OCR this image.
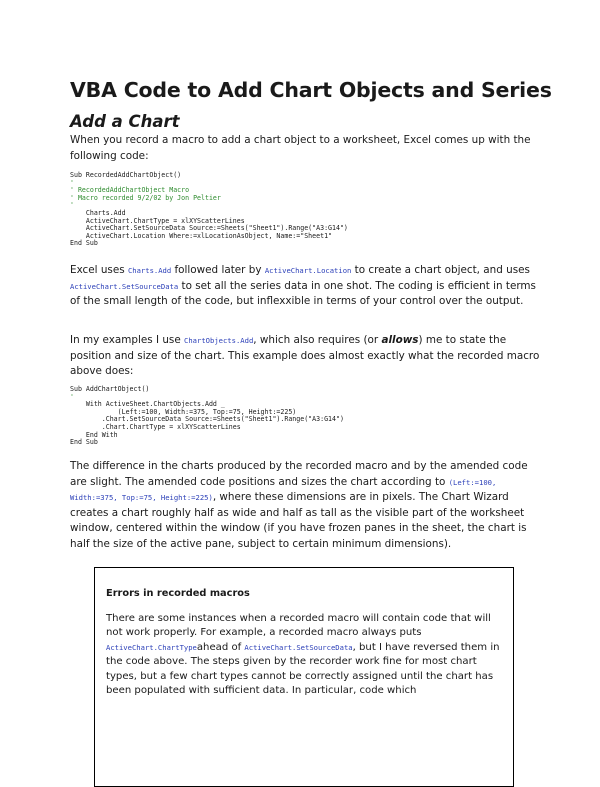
VBA Code to Add Chart Objects and Series
Add a Chart

When you record a macro to add a chart object to a worksheet, Excel comes up with the following code:

Sub RecordedAddChartObject()
'
' RecordedAddChartObject Macro
' Macro recorded 9/2/02 by Jon Peltier
'
Charts.Add
ActiveChart.ChartType = xlXYScatterLines
ActiveChart.SetSourceData Source:=Sheets("Sheet1").Range("A3:G14")
ActiveChart.Location Where:=xlLocationAsObject, Name:="Sheet1"
End Sub

Excel uses Charts.Add followed later by ActiveChart.Location to create a chart object, and uses ActiveChart.SetSourceData to set all the series data in one shot. The coding is efficient in terms of the small length of the code, but inflexxible in terms of your control over the output.

In my examples I use ChartObjects.Add, which also requires (or allows) me to state the position and size of the chart. This example does almost exactly what the recorded macro above does:

Sub AddChartObject()
'
With ActiveSheet.ChartObjects.Add _
(Left:=100, Width:=375, Top:=75, Height:=225)
.Chart.SetSourceData Source:=Sheets("Sheet1").Range("A3:G14")
.Chart.ChartType = xlXYScatterLines
End With
End Sub

The difference in the charts produced by the recorded macro and by the amended code are slight. The amended code positions and sizes the chart according to (Left:=100, Width:=375, Top:=75, Height:=225), where these dimensions are in pixels. The Chart Wizard creates a chart roughly half as wide and half as tall as the visible part of the worksheet window, centered within the window (if you have frozen panes in the sheet, the chart is half the size of the active pane, subject to certain minimum dimensions).

Errors in recorded macros

There are some instances when a recorded macro will contain code that will not work properly. For example, a recorded macro always puts ActiveChart.ChartTypeahead of ActiveChart.SetSourceData, but I have reversed them in the code above. The steps given by the recorder work fine for most chart types, but a few chart types cannot be correctly assigned until the chart has been populated with sufficient data. In particular, code which
